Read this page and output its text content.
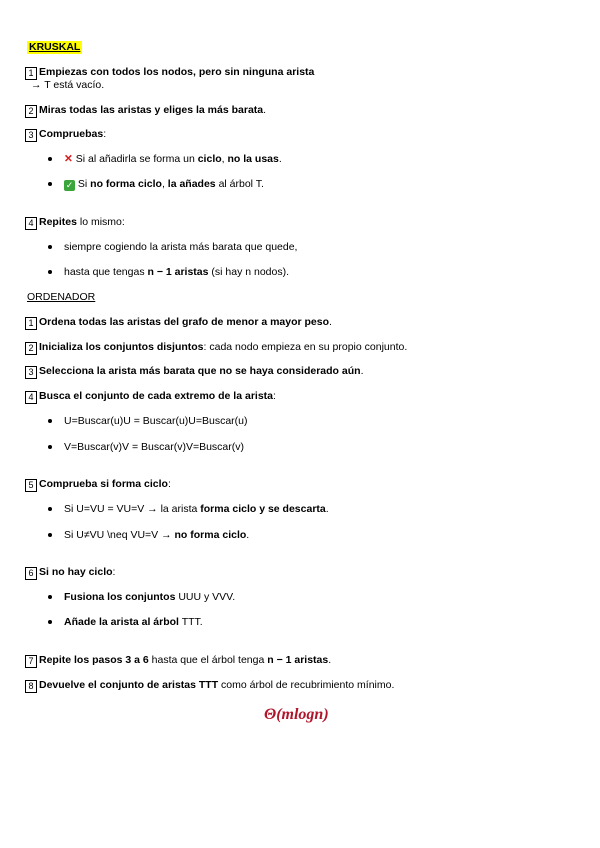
KRUSKAL
1 Empiezas con todos los nodos, pero sin ninguna arista
→ T está vacío.
2 Miras todas las aristas y eliges la más barata.
3 Compruebas:
✕ Si al añadirla se forma un ciclo, no la usas.
✓ Si no forma ciclo, la añades al árbol T.
4 Repites lo mismo:
siempre cogiendo la arista más barata que quede,
hasta que tengas n − 1 aristas (si hay n nodos).
ORDENADOR
1 Ordena todas las aristas del grafo de menor a mayor peso.
2 Inicializa los conjuntos disjuntos: cada nodo empieza en su propio conjunto.
3 Selecciona la arista más barata que no se haya considerado aún.
4 Busca el conjunto de cada extremo de la arista:
U=Buscar(u)U = Buscar(u)U=Buscar(u)
V=Buscar(v)V = Buscar(v)V=Buscar(v)
5 Comprueba si forma ciclo:
Si U=VU = VU=V → la arista forma ciclo y se descarta.
Si U≠VU \neq VU=V → no forma ciclo.
6 Si no hay ciclo:
Fusiona los conjuntos UUU y VVV.
Añade la arista al árbol TTT.
7 Repite los pasos 3 a 6 hasta que el árbol tenga n − 1 aristas.
8 Devuelve el conjunto de aristas TTT como árbol de recubrimiento mínimo.
Θ(mlogn)
